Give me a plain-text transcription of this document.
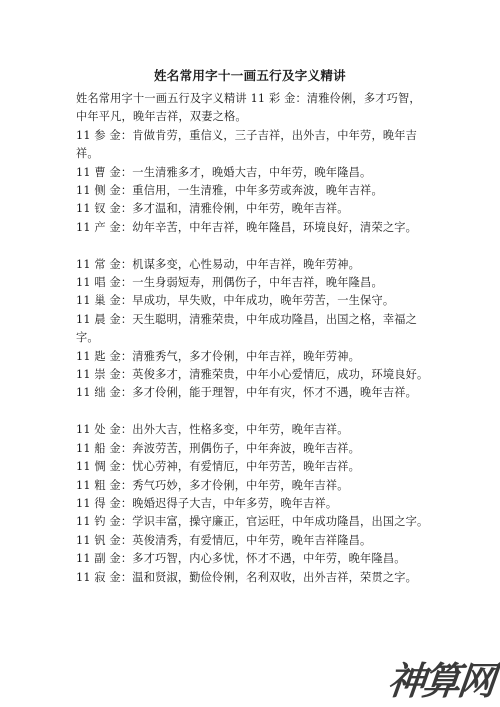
姓名常用字十一画五行及字义精讲

姓名常用字十一画五行及字义精讲 11 彩 金：清雅伶俐，多才巧智，中年平凡，晚年吉祥，双妻之格。

11 参 金：肯做肯劳，重信义，三子吉祥，出外吉，中年劳，晚年吉祥。

11 曹 金：一生清雅多才，晚婚大吉，中年劳，晚年隆昌。

11 侧 金：重信用，一生清雅，中年多劳或奔波，晚年吉祥。

11 钗 金：多才温和，清雅伶俐，中年劳，晚年吉祥。

11 产 金：幼年辛苦，中年吉祥，晚年隆昌，环境良好，清荣之字。

11 常 金：机谋多变，心性易动，中年吉祥，晚年劳神。

11 唱 金：一生身弱短寿，刑偶伤子，中年吉祥，晚年隆昌。

11 巢 金：早成功，早失败，中年成功，晚年劳苦，一生保守。

11 晨 金：天生聪明，清雅荣贵，中年成功隆昌，出国之格，幸福之字。

11 匙 金：清雅秀气，多才伶俐，中年吉祥，晚年劳神。

11 崇 金：英俊多才，清雅荣贵，中年小心爱情厄，成功，环境良好。

11 绌 金：多才伶俐，能于理智，中年有灾，怀才不遇，晚年吉祥。

11 处 金：出外大吉，性格多变，中年劳，晚年吉祥。

11 船 金：奔波劳苦，刑偶伤子，中年奔波，晚年吉祥。

11 惆 金：忧心劳神，有爱情厄，中年劳苦，晚年吉祥。

11 粗 金：秀气巧妙，多才伶俐，中年劳，晚年吉祥。

11 得 金：晚婚迟得子大吉，中年多劳，晚年吉祥。

11 钓 金：学识丰富，操守廉正，官运旺，中年成功隆昌，出国之字。

11 钒 金：英俊清秀，有爱情厄，中年劳，晚年吉祥隆昌。

11 副 金：多才巧智，内心多忧，怀才不遇，中年劳，晚年隆昌。

11 寂 金：温和贤淑，勤俭伶俐，名利双收，出外吉祥，荣贯之字。

神算网
